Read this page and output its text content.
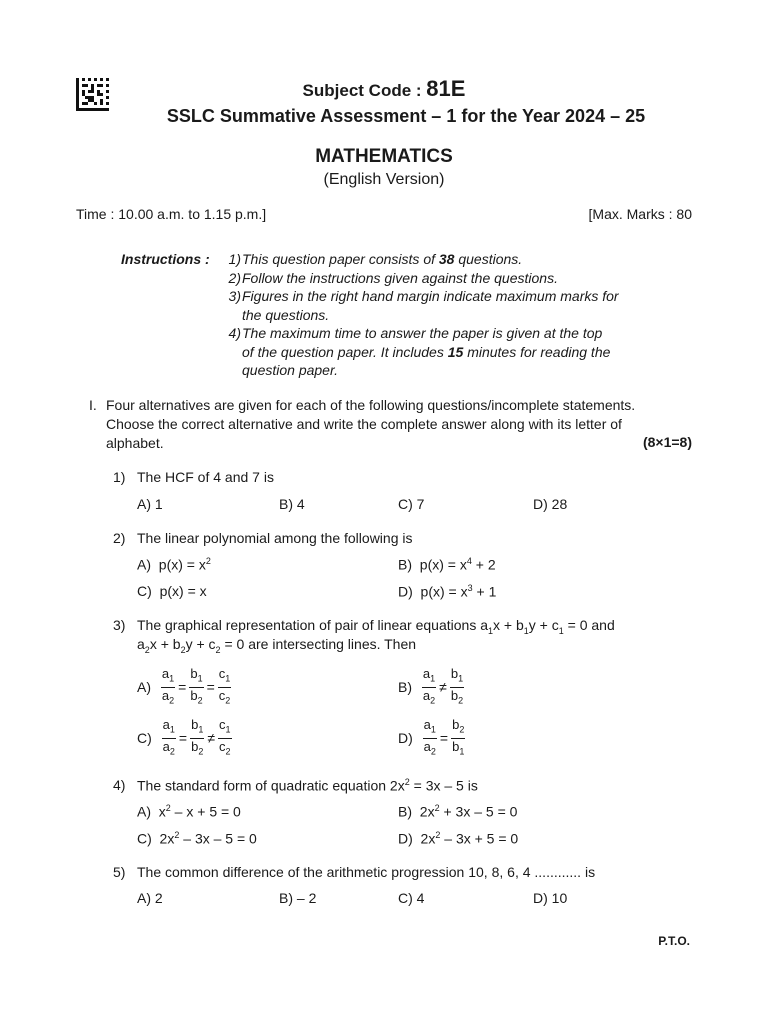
Subject Code : 81E
SSLC Summative Assessment – 1 for the Year 2024 – 25
MATHEMATICS
(English Version)
Time : 10.00 a.m. to 1.15 p.m.]	[Max. Marks : 80
Instructions :	1) This question paper consists of 38 questions.
2) Follow the instructions given against the questions.
3) Figures in the right hand margin indicate maximum marks for
the questions.
4) The maximum time to answer the paper is given at the top
of the question paper. It includes 15 minutes for reading the
question paper.
I. Four alternatives are given for each of the following questions/incomplete statements.
Choose the correct alternative and write the complete answer along with its letter of
alphabet.	(8×1=8)
1) The HCF of 4 and 7 is
A) 1	B) 4	C) 7	D) 28
2) The linear polynomial among the following is
A)  $p(x) = x^2$	B)  $p(x) = x^4 + 2$
C) p(x) = x	D)  $p(x) = x^3 + 1$
3) The graphical representation of pair of linear equations $a_1x + b_1y + c_1 = 0$ and
$a_2x + b_2y + c_2 = 0$ are intersecting lines. Then
A)
$\frac{a_1}{a_2} = \frac{b_1}{b_2} = \frac{c_1}{c_2}$	B)
$\frac{a_1}{a_2} \ne \frac{b_1}{b_2}$
C)
$\frac{a_1}{a_2} = \frac{b_1}{b_2} \ne \frac{c_1}{c_2}$	D)
$\frac{a_1}{a_2} = \frac{b_2}{b_1}$
4) The standard form of quadratic equation $2x^2 = 3x - 5$ is
A)  $x^2 - x + 5 = 0$	B)  $2x^2 + 3x - 5 = 0$
C)  $2x^2 - 3x - 5 = 0$	D)  $2x^2 - 3x + 5 = 0$
5) The common difference of the arithmetic progression 10, 8, 6, 4 ............ is
A) 2	B) – 2	C) 4	D) 10
P.T.O.
